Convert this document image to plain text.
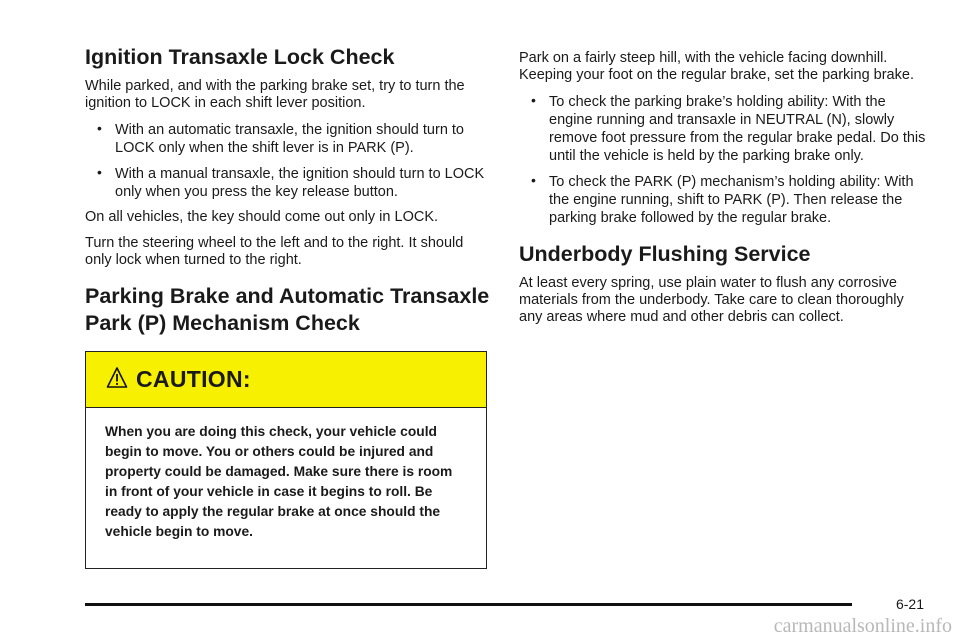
Ignition Transaxle Lock Check

While parked, and with the parking brake set, try to turn the ignition to LOCK in each shift lever position.

• With an automatic transaxle, the ignition should turn to LOCK only when the shift lever is in PARK (P).
• With a manual transaxle, the ignition should turn to LOCK only when you press the key release button.

On all vehicles, the key should come out only in LOCK.

Turn the steering wheel to the left and to the right. It should only lock when turned to the right.

Parking Brake and Automatic Transaxle Park (P) Mechanism Check
CAUTION:
When you are doing this check, your vehicle could begin to move. You or others could be injured and property could be damaged. Make sure there is room in front of your vehicle in case it begins to roll. Be ready to apply the regular brake at once should the vehicle begin to move.

Park on a fairly steep hill, with the vehicle facing downhill. Keeping your foot on the regular brake, set the parking brake.

• To check the parking brake’s holding ability: With the engine running and transaxle in NEUTRAL (N), slowly remove foot pressure from the regular brake pedal. Do this until the vehicle is held by the parking brake only.
• To check the PARK (P) mechanism’s holding ability: With the engine running, shift to PARK (P). Then release the parking brake followed by the regular brake.
Underbody Flushing Service

At least every spring, use plain water to flush any corrosive materials from the underbody. Take care to clean thoroughly any areas where mud and other debris can collect.

6-21
carmanualsonline.info
